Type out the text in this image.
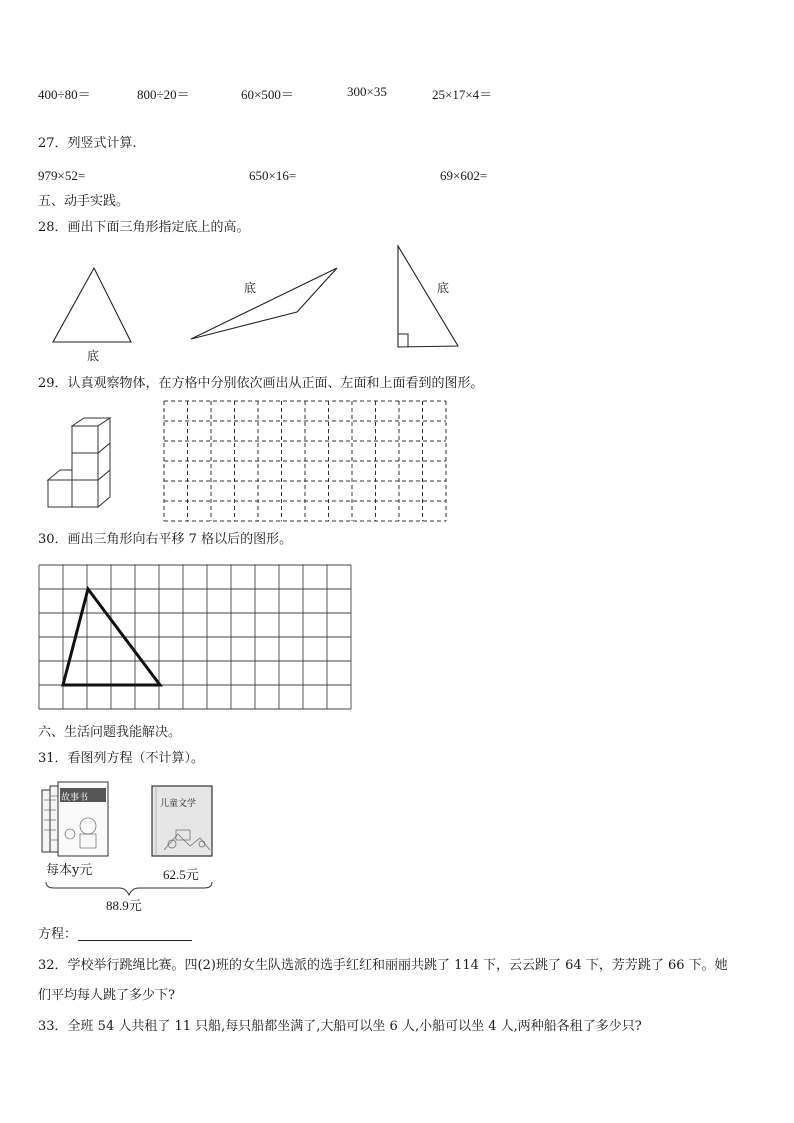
400÷80＝	800÷20＝	60×500＝	300×35	25×17×4＝
27．列竖式计算.
979×52=	650×16=	69×602=
五、动手实践。
28．画出下面三角形指定底上的高。
底
底	底
29．认真观察物体，在方格中分别依次画出从正面、左面和上面看到的图形。
30．画出三角形向右平移 7 格以后的图形。
六、生活问题我能解决。
31．看图列方程（不计算）。
故事书
儿童文学
每本y元	62.5元
88.9元
方程：
32．学校举行跳绳比赛。四(2)班的女生队选派的选手红红和丽丽共跳了 114 下，云云跳了 64 下，芳芳跳了 66 下。她
们平均每人跳了多少下?
33．全班 54 人共租了 11 只船,每只船都坐满了,大船可以坐 6 人,小船可以坐 4 人,两种船各租了多少只?
